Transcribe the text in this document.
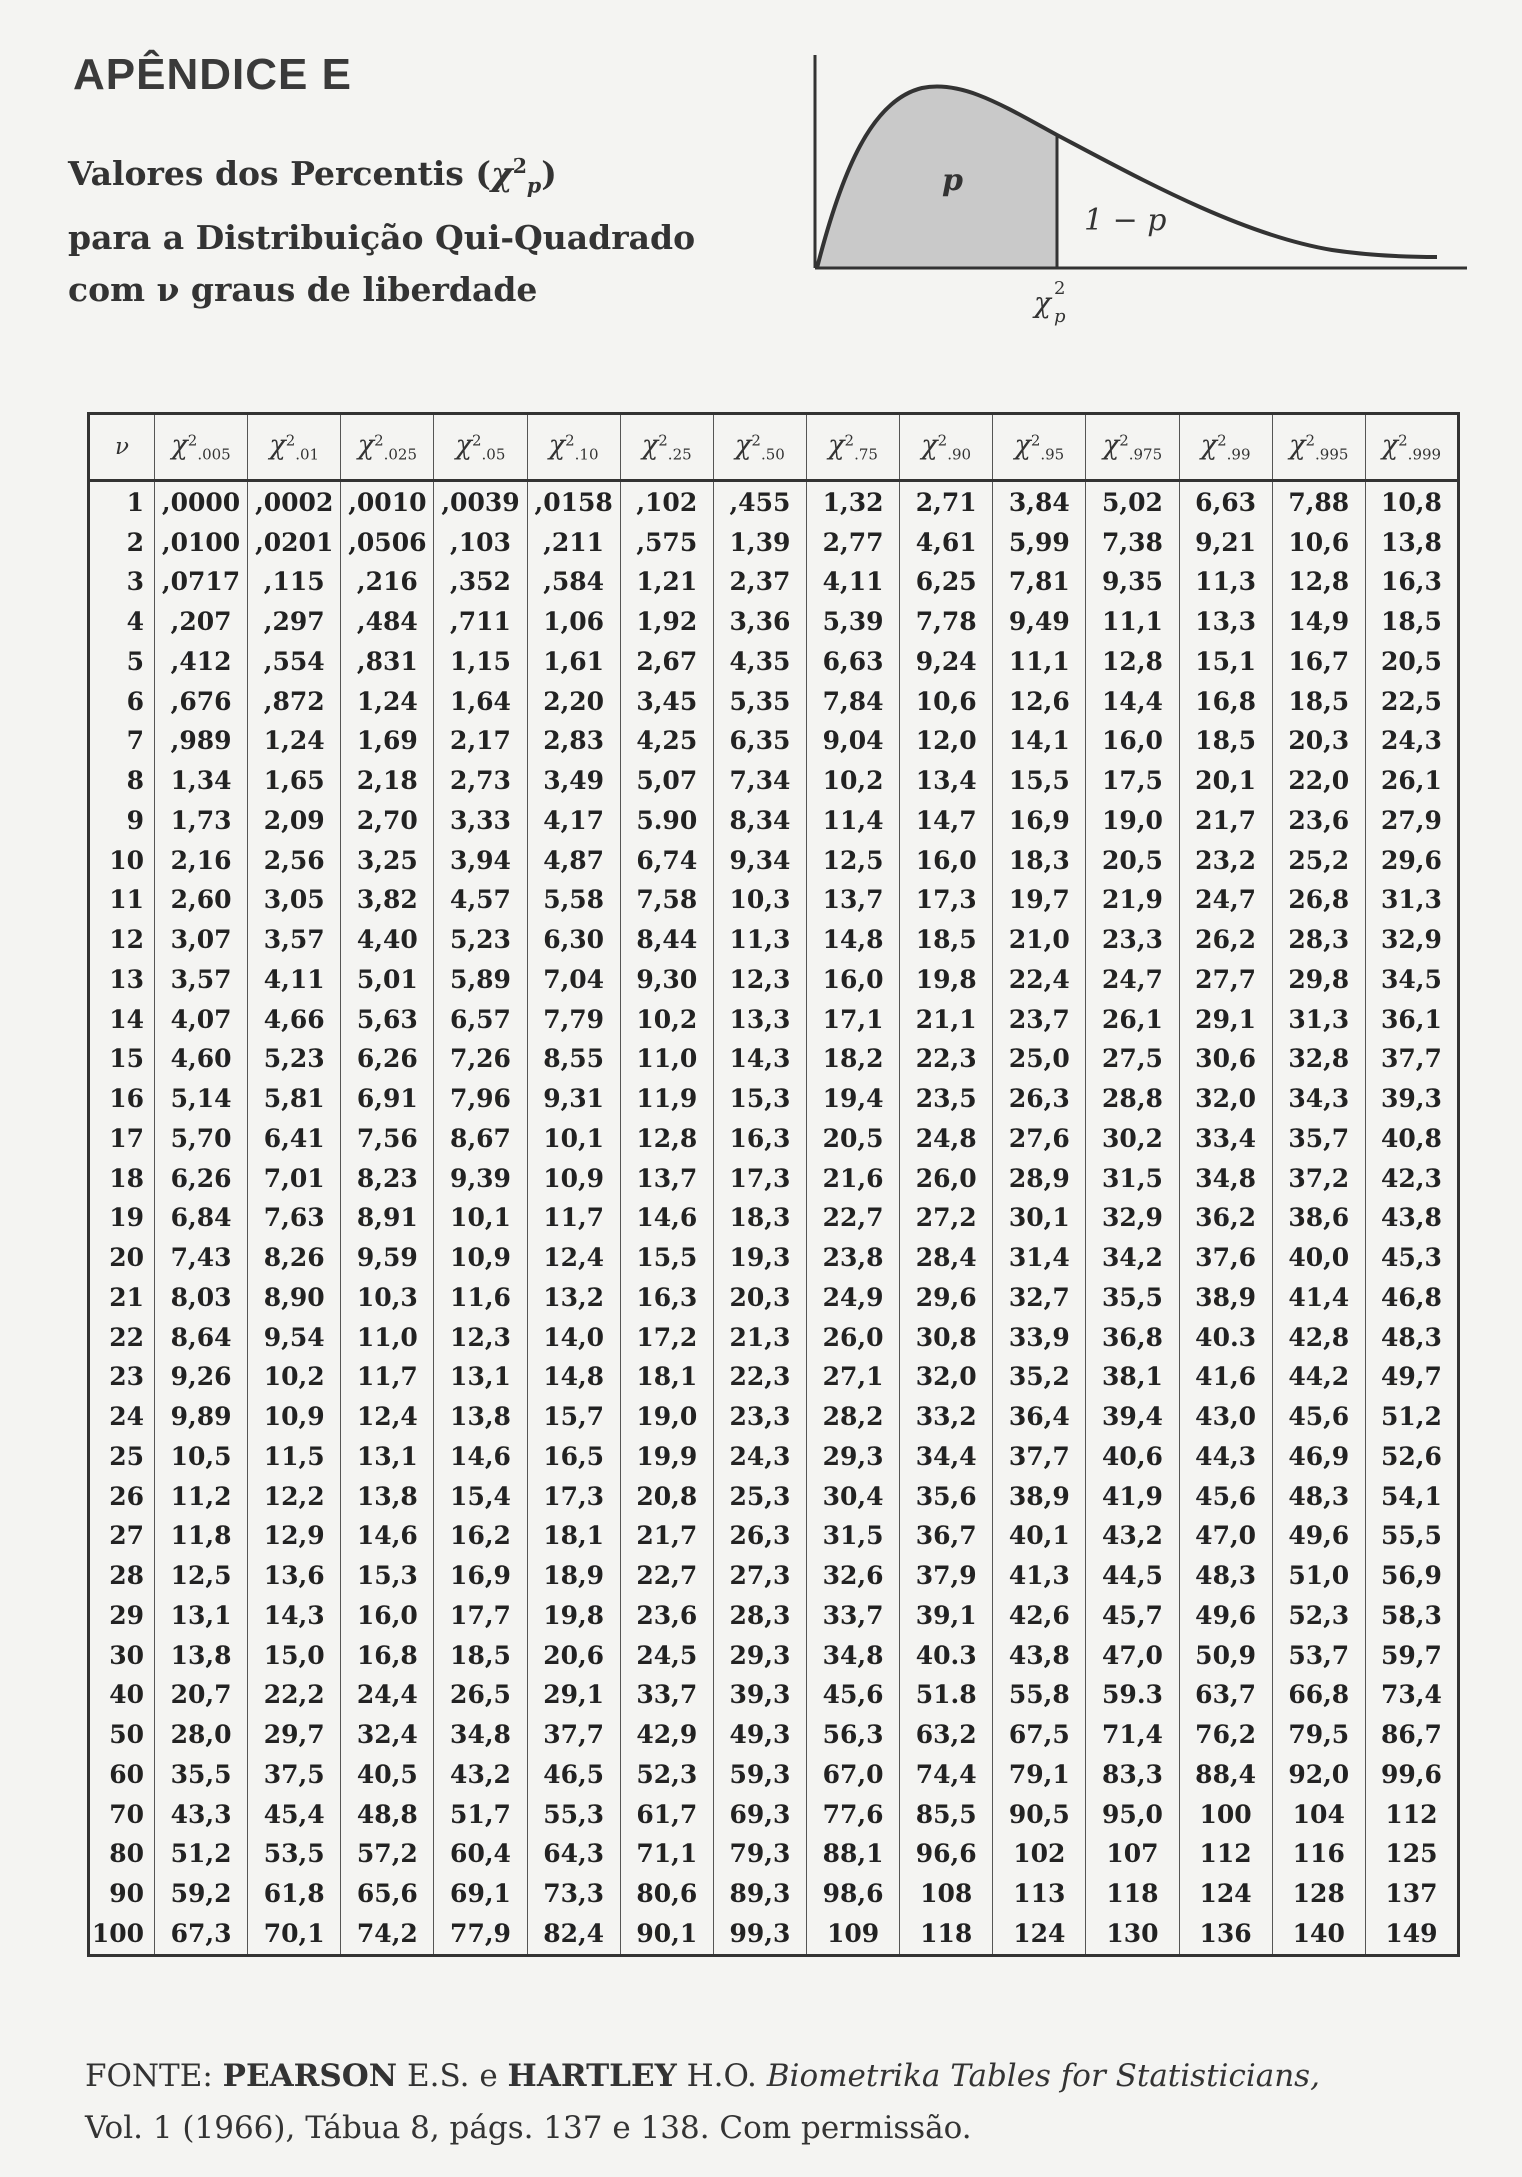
APÊNDICE E
Valores dos Percentis $(\chi^2_p)$
para a Distribuição Qui-Quadrado
com ν graus de liberdade
p
1 − p
χ 2
p
ν	$\chi^2_{.005}$	$\chi^2_{.01}$	$\chi^2_{.025}$	$\chi^2_{.05}$	$\chi^2_{.10}$	$\chi^2_{.25}$	$\chi^2_{.50}$	$\chi^2_{.75}$	$\chi^2_{.90}$	$\chi^2_{.95}$	$\chi^2_{.975}$	$\chi^2_{.99}$	$\chi^2_{.995}$	$\chi^2_{.999}$
1	,0000	,0002	,0010	,0039	,0158	,102	,455	1,32	2,71	3,84	5,02	6,63	7,88	10,8
2	,0100	,0201	,0506	,103	,211	,575	1,39	2,77	4,61	5,99	7,38	9,21	10,6	13,8
3	,0717	,115	,216	,352	,584	1,21	2,37	4,11	6,25	7,81	9,35	11,3	12,8	16,3
4	,207	,297	,484	,711	1,06	1,92	3,36	5,39	7,78	9,49	11,1	13,3	14,9	18,5
5	,412	,554	,831	1,15	1,61	2,67	4,35	6,63	9,24	11,1	12,8	15,1	16,7	20,5
6	,676	,872	1,24	1,64	2,20	3,45	5,35	7,84	10,6	12,6	14,4	16,8	18,5	22,5
7	,989	1,24	1,69	2,17	2,83	4,25	6,35	9,04	12,0	14,1	16,0	18,5	20,3	24,3
8	1,34	1,65	2,18	2,73	3,49	5,07	7,34	10,2	13,4	15,5	17,5	20,1	22,0	26,1
9	1,73	2,09	2,70	3,33	4,17	5.90	8,34	11,4	14,7	16,9	19,0	21,7	23,6	27,9
10	2,16	2,56	3,25	3,94	4,87	6,74	9,34	12,5	16,0	18,3	20,5	23,2	25,2	29,6
11	2,60	3,05	3,82	4,57	5,58	7,58	10,3	13,7	17,3	19,7	21,9	24,7	26,8	31,3
12	3,07	3,57	4,40	5,23	6,30	8,44	11,3	14,8	18,5	21,0	23,3	26,2	28,3	32,9
13	3,57	4,11	5,01	5,89	7,04	9,30	12,3	16,0	19,8	22,4	24,7	27,7	29,8	34,5
14	4,07	4,66	5,63	6,57	7,79	10,2	13,3	17,1	21,1	23,7	26,1	29,1	31,3	36,1
15	4,60	5,23	6,26	7,26	8,55	11,0	14,3	18,2	22,3	25,0	27,5	30,6	32,8	37,7
16	5,14	5,81	6,91	7,96	9,31	11,9	15,3	19,4	23,5	26,3	28,8	32,0	34,3	39,3
17	5,70	6,41	7,56	8,67	10,1	12,8	16,3	20,5	24,8	27,6	30,2	33,4	35,7	40,8
18	6,26	7,01	8,23	9,39	10,9	13,7	17,3	21,6	26,0	28,9	31,5	34,8	37,2	42,3
19	6,84	7,63	8,91	10,1	11,7	14,6	18,3	22,7	27,2	30,1	32,9	36,2	38,6	43,8
20	7,43	8,26	9,59	10,9	12,4	15,5	19,3	23,8	28,4	31,4	34,2	37,6	40,0	45,3
21	8,03	8,90	10,3	11,6	13,2	16,3	20,3	24,9	29,6	32,7	35,5	38,9	41,4	46,8
22	8,64	9,54	11,0	12,3	14,0	17,2	21,3	26,0	30,8	33,9	36,8	40.3	42,8	48,3
23	9,26	10,2	11,7	13,1	14,8	18,1	22,3	27,1	32,0	35,2	38,1	41,6	44,2	49,7
24	9,89	10,9	12,4	13,8	15,7	19,0	23,3	28,2	33,2	36,4	39,4	43,0	45,6	51,2
25	10,5	11,5	13,1	14,6	16,5	19,9	24,3	29,3	34,4	37,7	40,6	44,3	46,9	52,6
26	11,2	12,2	13,8	15,4	17,3	20,8	25,3	30,4	35,6	38,9	41,9	45,6	48,3	54,1
27	11,8	12,9	14,6	16,2	18,1	21,7	26,3	31,5	36,7	40,1	43,2	47,0	49,6	55,5
28	12,5	13,6	15,3	16,9	18,9	22,7	27,3	32,6	37,9	41,3	44,5	48,3	51,0	56,9
29	13,1	14,3	16,0	17,7	19,8	23,6	28,3	33,7	39,1	42,6	45,7	49,6	52,3	58,3
30	13,8	15,0	16,8	18,5	20,6	24,5	29,3	34,8	40.3	43,8	47,0	50,9	53,7	59,7
40	20,7	22,2	24,4	26,5	29,1	33,7	39,3	45,6	51.8	55,8	59.3	63,7	66,8	73,4
50	28,0	29,7	32,4	34,8	37,7	42,9	49,3	56,3	63,2	67,5	71,4	76,2	79,5	86,7
60	35,5	37,5	40,5	43,2	46,5	52,3	59,3	67,0	74,4	79,1	83,3	88,4	92,0	99,6
70	43,3	45,4	48,8	51,7	55,3	61,7	69,3	77,6	85,5	90,5	95,0	100	104	112
80	51,2	53,5	57,2	60,4	64,3	71,1	79,3	88,1	96,6	102	107	112	116	125
90	59,2	61,8	65,6	69,1	73,3	80,6	89,3	98,6	108	113	118	124	128	137
100	67,3	70,1	74,2	77,9	82,4	90,1	99,3	109	118	124	130	136	140	149
FONTE: PEARSON E.S. e HARTLEY H.O. Biometrika Tables for Statisticians,
Vol. 1 (1966), Tábua 8, págs. 137 e 138. Com permissão.
